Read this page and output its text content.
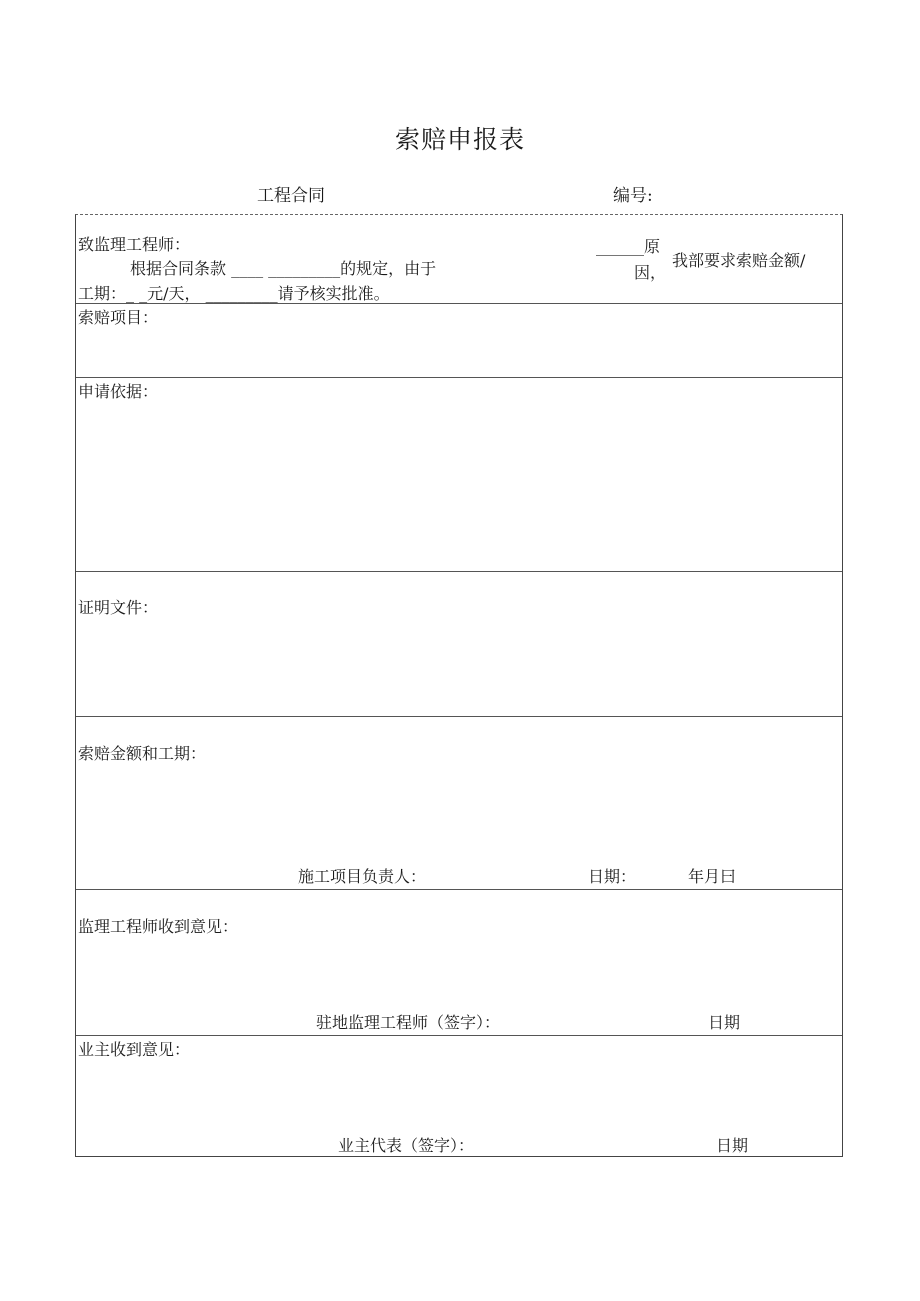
索赔申报表
工程合同	编号:
致监理工程师：
根据合同条款 ____ _________的规定，由于
______原
因，
我部要求索赔金额/
工期：_ _元/天， _________请予核实批准。
索赔项目：
申请依据：
证明文件：
索赔金额和工期：
施工项目负责人：	日期：	年月曰
监理工程师收到意见：
驻地监理工程师（签字）：	日期
业主收到意见：
业主代表（签字）：	日期
